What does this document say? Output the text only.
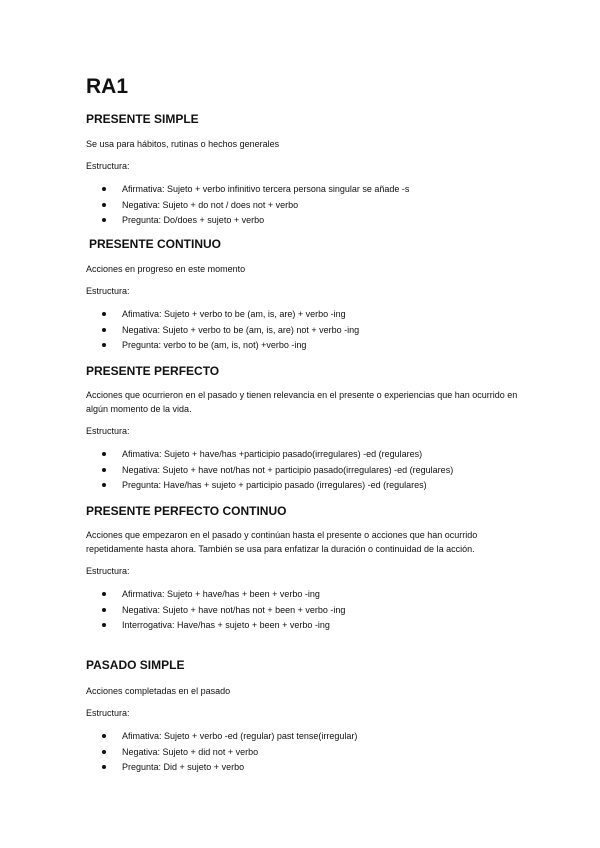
RA1
PRESENTE SIMPLE

Se usa para hábitos, rutinas o hechos generales

Estructura:

Afirmativa: Sujeto + verbo infinitivo tercera persona singular se añade -s
Negativa: Sujeto + do not / does not + verbo
Pregunta: Do/does + sujeto + verbo
PRESENTE CONTINUO

Acciones en progreso en este momento

Estructura:

Afimativa: Sujeto + verbo to be (am, is, are) + verbo -ing
Negativa: Sujeto + verbo to be (am, is, are) not + verbo -ing
Pregunta: verbo to be (am, is, not) +verbo -ing
PRESENTE PERFECTO

Acciones que ocurrieron en el pasado y tienen relevancia en el presente o experiencias que han ocurrido en algún momento de la vida.

Estructura:

Afimativa: Sujeto + have/has +participio pasado(irregulares) -ed (regulares)
Negativa: Sujeto + have not/has not + participio pasado(irregulares) -ed (regulares)
Pregunta: Have/has + sujeto + participio pasado (irregulares) -ed (regulares)
PRESENTE PERFECTO CONTINUO

Acciones que empezaron en el pasado y continúan hasta el presente o acciones que han ocurrido repetidamente hasta ahora. También se usa para enfatizar la duración o continuidad de la acción.

Estructura:

Afirmativa: Sujeto + have/has + been + verbo -ing
Negativa: Sujeto + have not/has not + been + verbo -ing
Interrogativa: Have/has + sujeto + been + verbo -ing
PASADO SIMPLE

Acciones completadas en el pasado

Estructura:

Afimativa: Sujeto + verbo -ed (regular) past tense(irregular)
Negativa: Sujeto + did not + verbo
Pregunta: Did + sujeto + verbo
